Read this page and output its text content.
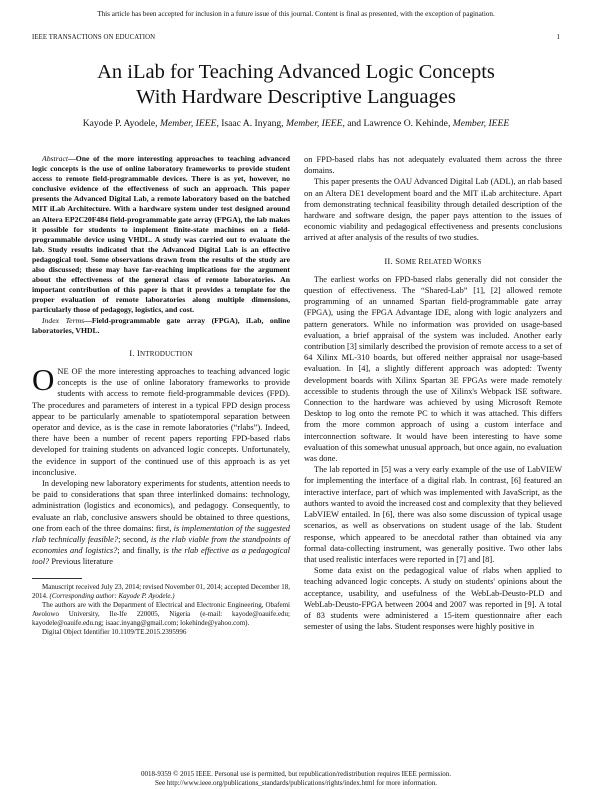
This article has been accepted for inclusion in a future issue of this journal. Content is final as presented, with the exception of pagination.
IEEE TRANSACTIONS ON EDUCATION	1
An iLab for Teaching Advanced Logic Concepts
With Hardware Descriptive Languages
Kayode P. Ayodele, Member, IEEE, Isaac A. Inyang, Member, IEEE, and Lawrence O. Kehinde, Member, IEEE

Abstract—One of the more interesting approaches to teaching advanced logic concepts is the use of online laboratory frameworks to provide student access to remote field-programmable devices. There is as yet, however, no conclusive evidence of the effectiveness of such an approach. This paper presents the Advanced Digital Lab, a remote laboratory based on the batched MIT iLab Architecture. With a hardware system under test designed around an Altera EP2C20F484 field-programmable gate array (FPGA), the lab makes it possible for students to implement finite-state machines on a field-programmable device using VHDL. A study was carried out to evaluate the lab. Study results indicated that the Advanced Digital Lab is an effective pedagogical tool. Some observations drawn from the results of the study are also discussed; these may have far-reaching implications for the argument about the effectiveness of the general class of remote laboratories. An important contribution of this paper is that it provides a template for the proper evaluation of remote laboratories along multiple dimensions, particularly those of pedagogy, logistics, and cost.

Index Terms—Field-programmable gate array (FPGA), iLab, online laboratories, VHDL.

I. INTRODUCTION

ONE OF the more interesting approaches to teaching advanced logic concepts is the use of online laboratory frameworks to provide students with access to remote field-programmable devices (FPD). The procedures and parameters of interest in a typical FPD design process appear to be particularly amenable to spatiotemporal separation between operator and device, as is the case in remote laboratories (“rlabs”). Indeed, there have been a number of recent papers reporting FPD-based rlabs developed for training students on advanced logic concepts. Unfortunately, the evidence in support of the continued use of this approach is as yet inconclusive.

In developing new laboratory experiments for students, attention needs to be paid to considerations that span three interlinked domains: technology, administration (logistics and economics), and pedagogy. Consequently, to evaluate an rlab, conclusive answers should be obtained to three questions, one from each of the three domains: first, is implementation of the suggested rlab technically feasible?; second, is the rlab viable from the standpoints of economies and logistics?; and finally, is the rlab effective as a pedagogical tool? Previous literature

Manuscript received July 23, 2014; revised November 01, 2014; accepted December 18, 2014. (Corresponding author: Kayode P. Ayodele.)

The authors are with the Department of Electrical and Electronic Engineering, Obafemi Awolowo University, Ile-Ife 220005, Nigeria (e-mail: kayode@oauife.edu; kayodele@oauife.edu.ng; isaac.inyang@gmail.com; lokehinde@yahoo.com).

Digital Object Identifier 10.1109/TE.2015.2395996

on FPD-based rlabs has not adequately evaluated them across the three domains.

This paper presents the OAU Advanced Digital Lab (ADL), an rlab based on an Altera DE1 development board and the MIT iLab architecture. Apart from demonstrating technical feasibility through detailed description of the hardware and software design, the paper pays attention to the issues of economic viability and pedagogical effectiveness and presents conclusions arrived at after analysis of the results of two studies.

II. SOME RELATED WORKS

The earliest works on FPD-based rlabs generally did not consider the question of effectiveness. The “Shared-Lab” [1], [2] allowed remote programming of an unnamed Spartan field-programmable gate array (FPGA), using the FPGA Advantage IDE, along with logic analyzers and pattern generators. While no information was provided on usage-based evaluation, a brief appraisal of the system was included. Another early contribution [3] similarly described the provision of remote access to a set of 64 Xilinx ML-310 boards, but offered neither appraisal nor usage-based evaluation. In [4], a slightly different approach was adopted: Twenty development boards with Xilinx Spartan 3E FPGAs were made remotely accessible to students through the use of Xilinx's Webpack ISE software. Connection to the hardware was achieved by using Microsoft Remote Desktop to log onto the remote PC to which it was attached. This differs from the more common approach of using a custom interface and interconnection software. It would have been interesting to have some evaluation of this somewhat unusual approach, but once again, no evaluation was done.

The lab reported in [5] was a very early example of the use of LabVIEW for implementing the interface of a digital rlab. In contrast, [6] featured an interactive interface, part of which was implemented with JavaScript, as the authors wanted to avoid the increased cost and complexity that they believed LabVIEW entailed. In [6], there was also some discussion of typical usage scenarios, as well as observations on student usage of the lab. Student response, which appeared to be anecdotal rather than obtained via any formal data-collecting instrument, was generally positive. Two other labs that used realistic interfaces were reported in [7] and [8].

Some data exist on the pedagogical value of rlabs when applied to teaching advanced logic concepts. A study on students' opinions about the acceptance, usability, and usefulness of the WebLab-Deusto-PLD and WebLab-Deusto-FPGA between 2004 and 2007 was reported in [9]. A total of 83 students were administered a 15-item questionnaire after each semester of using the labs. Student responses were highly positive in

0018-9359 © 2015 IEEE. Personal use is permitted, but republication/redistribution requires IEEE permission.
See http://www.ieee.org/publications_standards/publications/rights/index.html for more information.
